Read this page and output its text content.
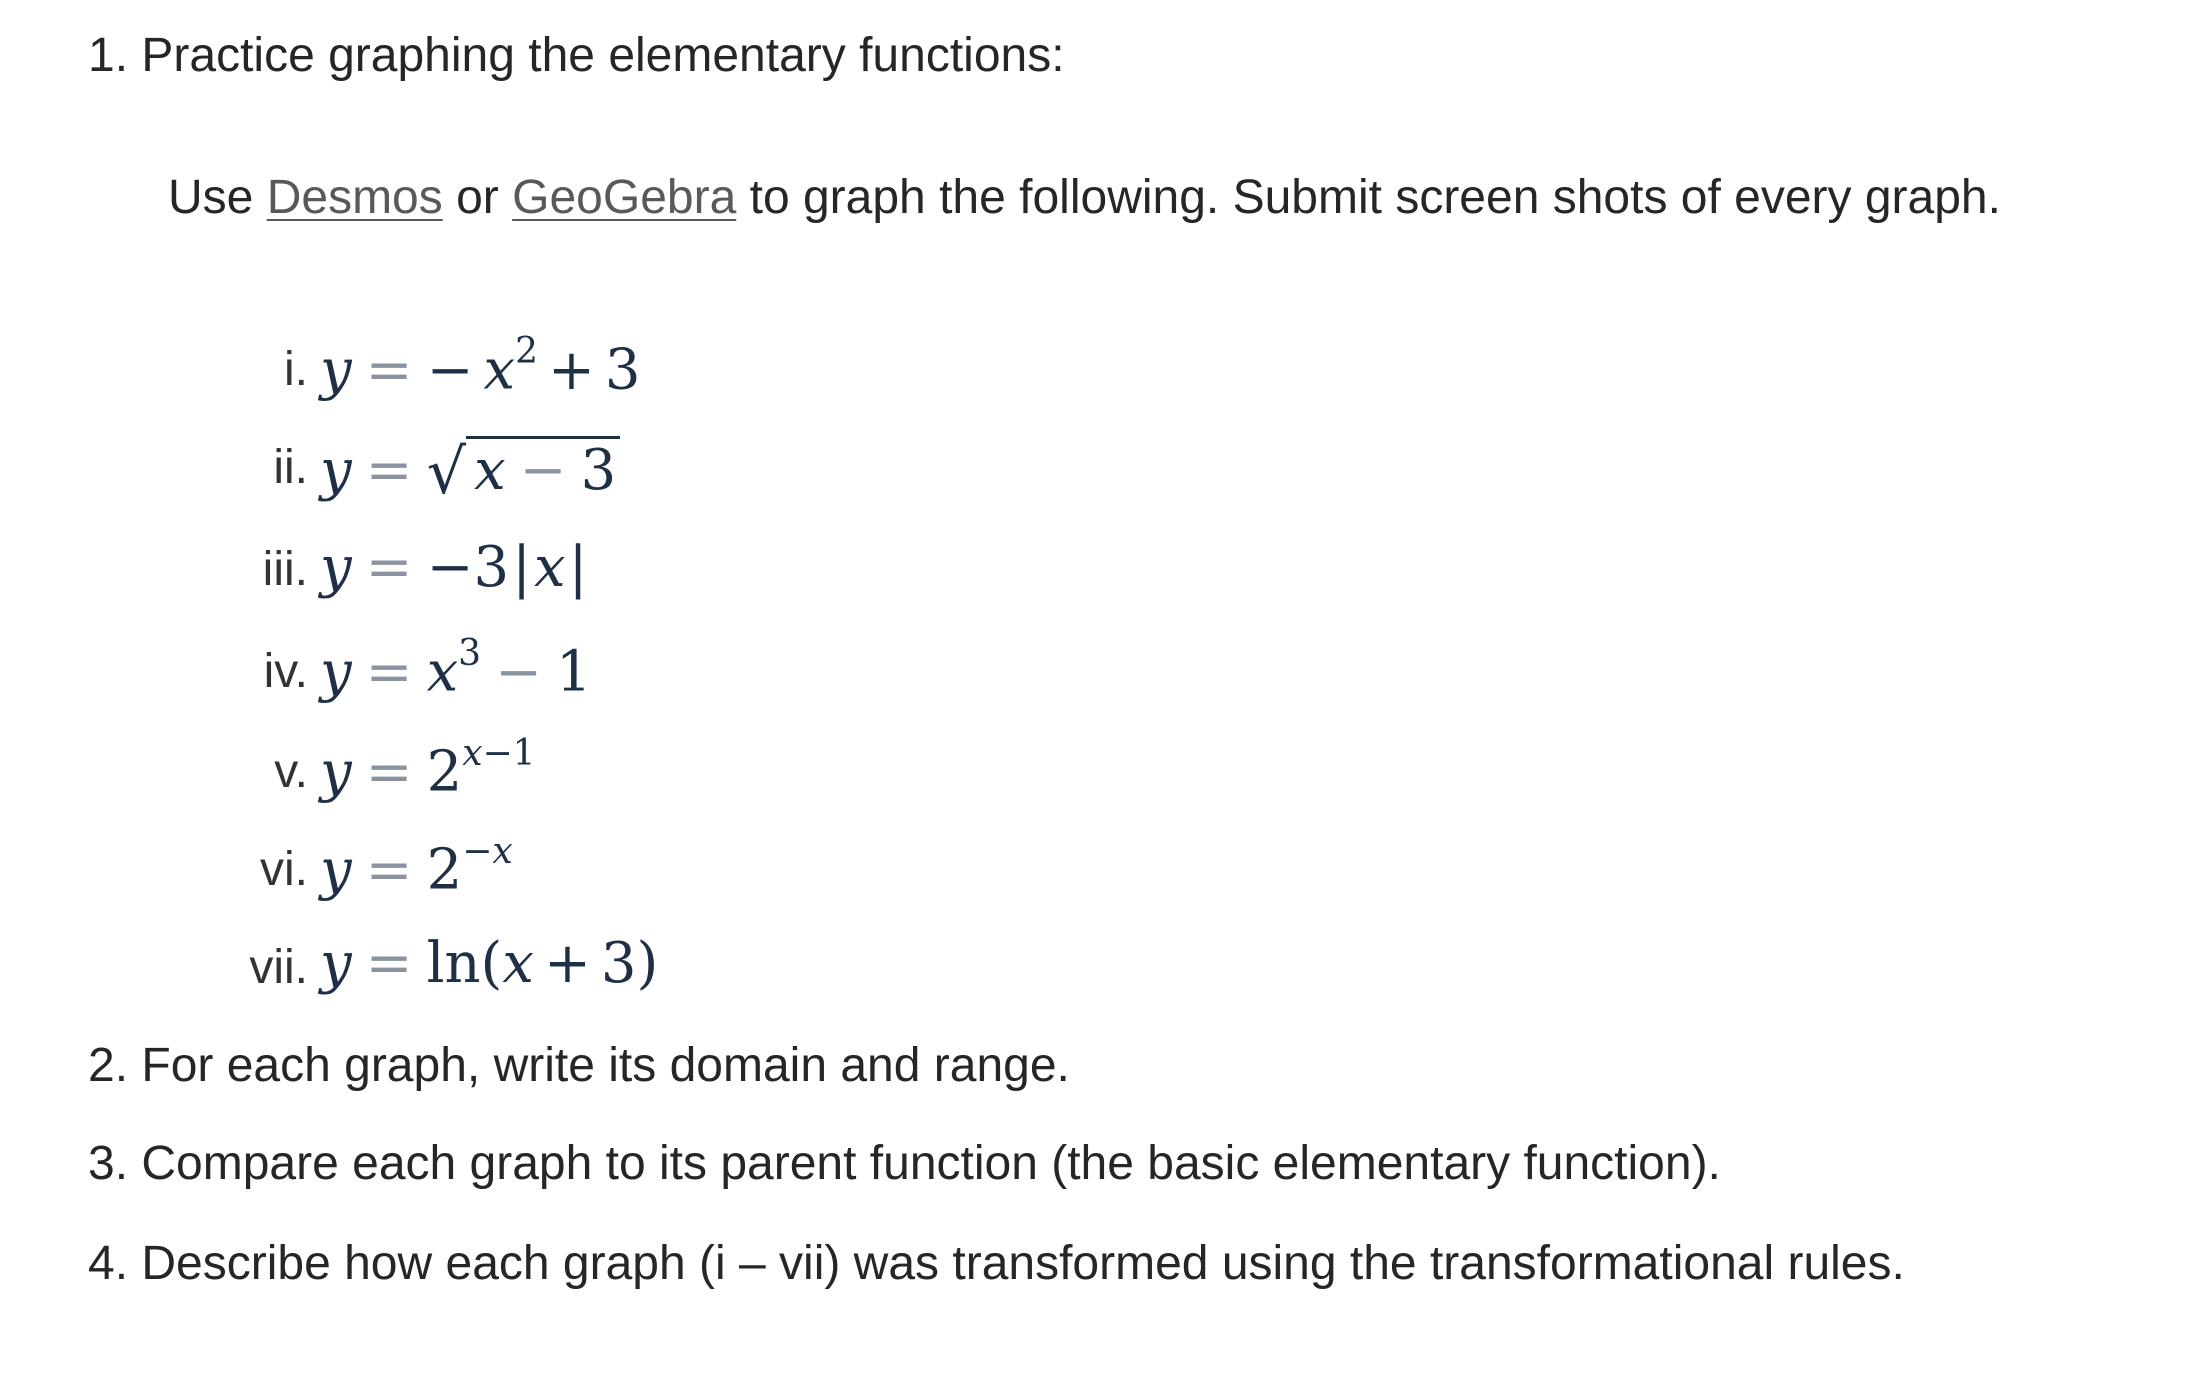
1. Practice graphing the elementary functions:
Use Desmos or GeoGebra to graph the following. Submit screen shots of every graph.
i. y = − $x^2 + 3$
ii. y = √ x − 3
iii. y = −3|x|
iv. $y = x^3 - 1$
v. $y = 2^{x-1}$
vi. $y = 2^{-x}$
vii. y = ln(x + 3)
2. For each graph, write its domain and range.
3. Compare each graph to its parent function (the basic elementary function).
4. Describe how each graph (i – vii) was transformed using the transformational rules.
